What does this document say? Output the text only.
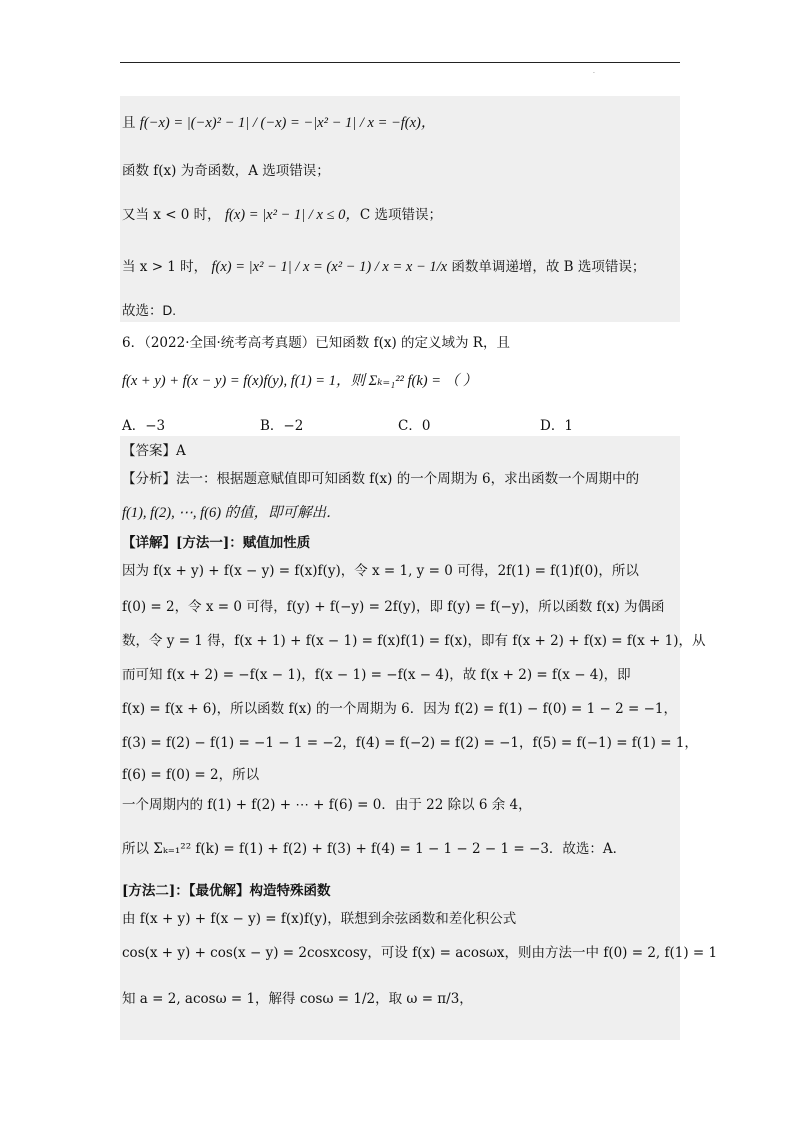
·
且 f(−x) = |(−x)² − 1| / (−x) = −|x² − 1| / x = −f(x)，
函数 f(x) 为奇函数，A 选项错误；
又当 x < 0 时， f(x) = |x² − 1| / x ≤ 0，C 选项错误；
当 x > 1 时， f(x) = |x² − 1| / x = (x² − 1) / x = x − 1/x 函数单调递增，故 B 选项错误；
故选：D.
6．（2022·全国·统考高考真题）已知函数 f(x) 的定义域为 R，且
f(x + y) + f(x − y) = f(x)f(y), f(1) = 1，则 Σₖ₌₁²² f(k) = （ ）
A．−3	B．−2	C．0	D．1
【答案】A
【分析】法一：根据题意赋值即可知函数 f(x) 的一个周期为 6，求出函数一个周期中的
f(1), f(2), ⋯, f(6) 的值，即可解出．
【详解】[方法一]：赋值加性质
因为 f(x + y) + f(x − y) = f(x)f(y)，令 x = 1, y = 0 可得，2f(1) = f(1)f(0)，所以
f(0) = 2，令 x = 0 可得，f(y) + f(−y) = 2f(y)，即 f(y) = f(−y)，所以函数 f(x) 为偶函
数，令 y = 1 得，f(x + 1) + f(x − 1) = f(x)f(1) = f(x)，即有 f(x + 2) + f(x) = f(x + 1)，从
而可知 f(x + 2) = −f(x − 1)，f(x − 1) = −f(x − 4)，故 f(x + 2) = f(x − 4)，即
f(x) = f(x + 6)，所以函数 f(x) 的一个周期为 6．因为 f(2) = f(1) − f(0) = 1 − 2 = −1，
f(3) = f(2) − f(1) = −1 − 1 = −2，f(4) = f(−2) = f(2) = −1，f(5) = f(−1) = f(1) = 1，
f(6) = f(0) = 2，所以
一个周期内的 f(1) + f(2) + ⋯ + f(6) = 0．由于 22 除以 6 余 4，
所以 Σₖ₌₁²² f(k) = f(1) + f(2) + f(3) + f(4) = 1 − 1 − 2 − 1 = −3．故选：A．
[方法二]：【最优解】构造特殊函数
由 f(x + y) + f(x − y) = f(x)f(y)，联想到余弦函数和差化积公式
cos(x + y) + cos(x − y) = 2cosxcosy，可设 f(x) = acosωx，则由方法一中 f(0) = 2, f(1) = 1
知 a = 2, acosω = 1，解得 cosω = 1/2，取 ω = π/3，
